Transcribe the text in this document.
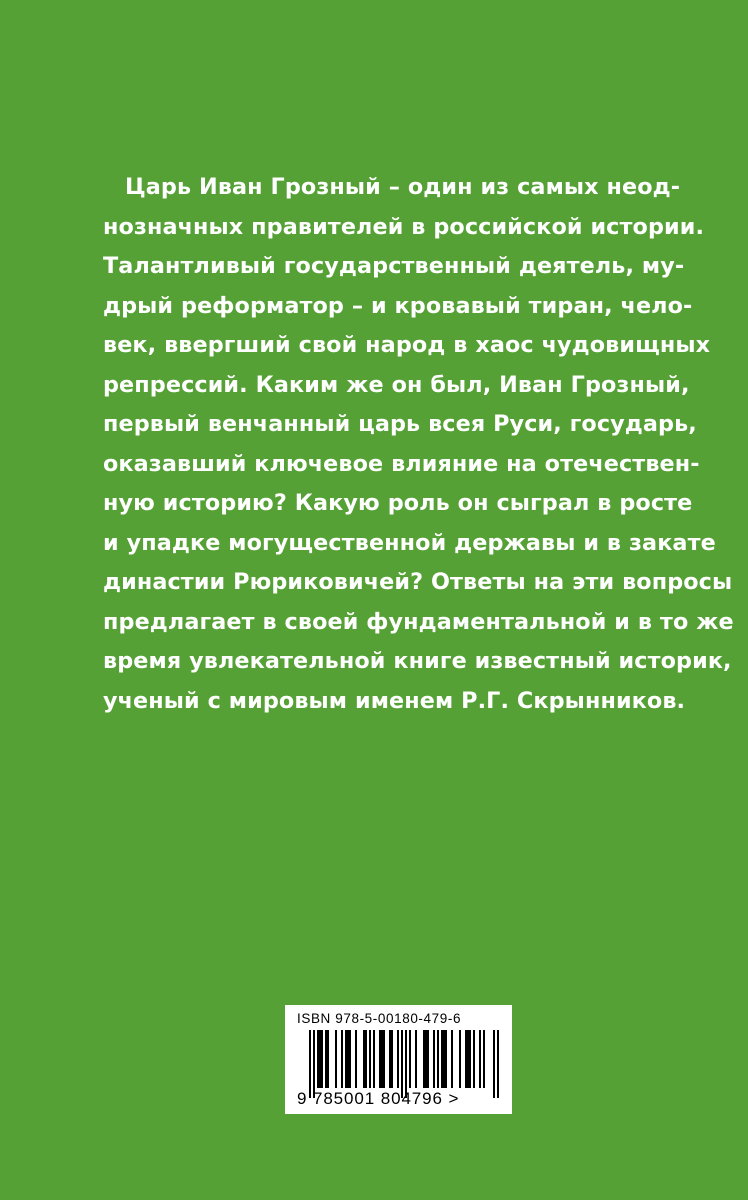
Царь Иван Грозный – один из самых неод-
нозначных правителей в российской истории.
Талантливый государственный деятель, му-
дрый реформатор – и кровавый тиран, чело-
век, ввергший свой народ в хаос чудовищных
репрессий. Каким же он был, Иван Грозный,
первый венчанный царь всея Руси, государь,
оказавший ключевое влияние на отечествен-
ную историю? Какую роль он сыграл в росте
и упадке могущественной державы и в закате
династии Рюриковичей? Ответы на эти вопросы
предлагает в своей фундаментальной и в то же
время увлекательной книге известный историк,
ученый с мировым именем Р.Г. Скрынников.
ISBN 978-5-00180-479-6
9 785001 804796 >
